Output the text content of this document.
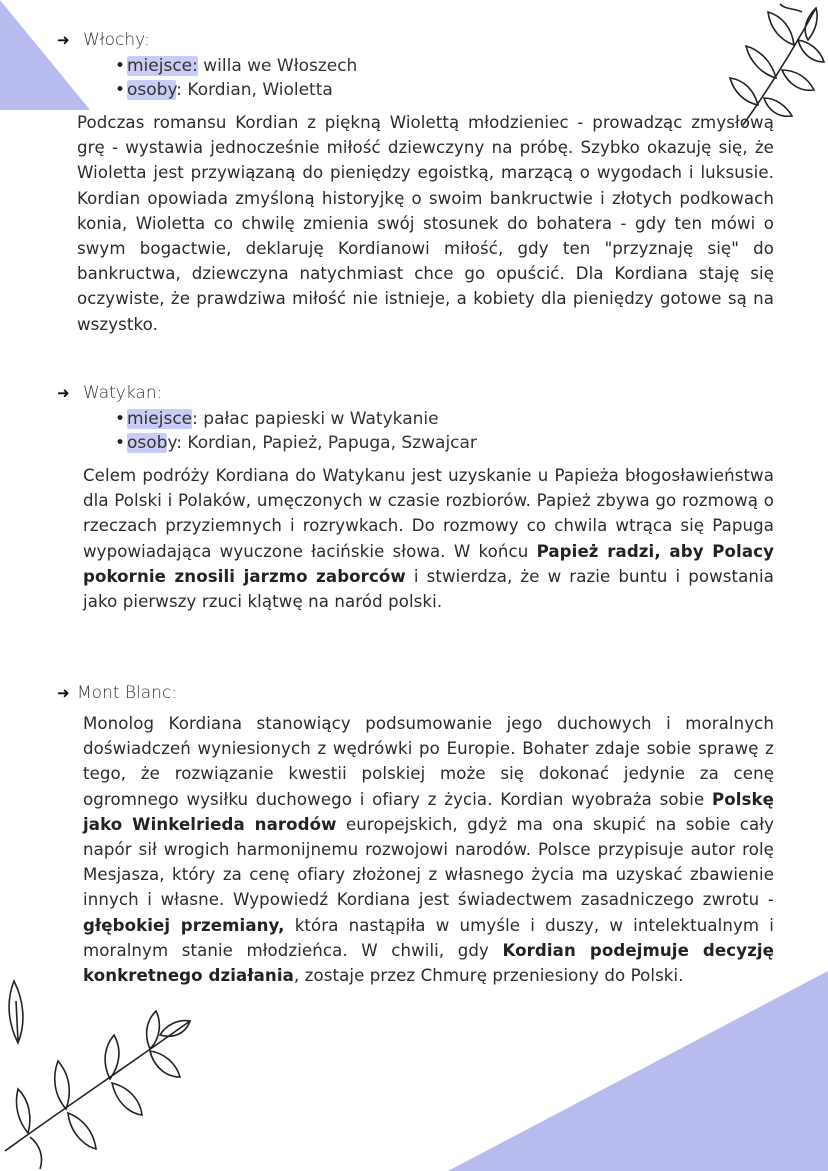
➜ Włochy:
• miejsce: willa we Włoszech
• osoby: Kordian, Wioletta

Podczas romansu Kordian z piękną Wiolettą młodzieniec - prowadząc zmysłową grę - wystawia jednocześnie miłość dziewczyny na próbę. Szybko okazuję się, że Wioletta jest przywiązaną do pieniędzy egoistką, marzącą o wygodach i luksusie. Kordian opowiada zmyśloną historyjkę o swoim bankructwie i złotych podkowach konia, Wioletta co chwilę zmienia swój stosunek do bohatera - gdy ten mówi o swym bogactwie, deklaruję Kordianowi miłość, gdy ten "przyznaję się" do bankructwa, dziewczyna natychmiast chce go opuścić. Dla Kordiana staję się oczywiste, że prawdziwa miłość nie istnieje, a kobiety dla pieniędzy gotowe są na wszystko.

➜ Watykan:
• miejsce: pałac papieski w Watykanie
• osoby: Kordian, Papież, Papuga, Szwajcar

Celem podróży Kordiana do Watykanu jest uzyskanie u Papieża błogosławieństwa dla Polski i Polaków, umęczonych w czasie rozbiorów. Papież zbywa go rozmową o rzeczach przyziemnych i rozrywkach. Do rozmowy co chwila wtrąca się Papuga wypowiadająca wyuczone łacińskie słowa. W końcu Papież radzi, aby Polacy pokornie znosili jarzmo zaborców i stwierdza, że w razie buntu i powstania jako pierwszy rzuci klątwę na naród polski.

➜ Mont Blanc:

Monolog Kordiana stanowiący podsumowanie jego duchowych i moralnych doświadczeń wyniesionych z wędrówki po Europie. Bohater zdaje sobie sprawę z tego, że rozwiązanie kwestii polskiej może się dokonać jedynie za cenę ogromnego wysiłku duchowego i ofiary z życia. Kordian wyobraża sobie Polskę jako Winkelrieda narodów europejskich, gdyż ma ona skupić na sobie cały napór sił wrogich harmonijnemu rozwojowi narodów. Polsce przypisuje autor rolę Mesjasza, który za cenę ofiary złożonej z własnego życia ma uzyskać zbawienie innych i własne. Wypowiedź Kordiana jest świadectwem zasadniczego zwrotu - głębokiej przemiany, która nastąpiła w umyśle i duszy, w intelektualnym i moralnym stanie młodzieńca. W chwili, gdy Kordian podejmuje decyzję konkretnego działania, zostaje przez Chmurę przeniesiony do Polski.
